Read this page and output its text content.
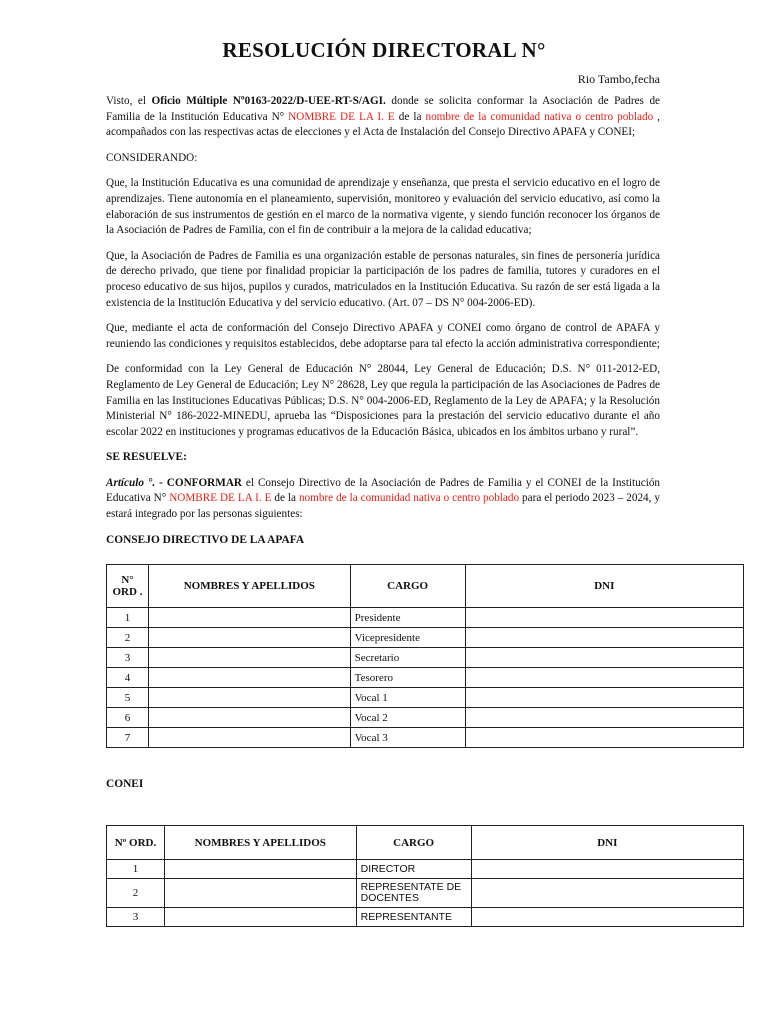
RESOLUCIÓN DIRECTORAL N°
Rio Tambo,fecha

Visto, el Oficio Múltiple Nº0163-2022/D-UEE-RT-S/AGI. donde se solicita conformar la Asociación de Padres de Familia de la Institución Educativa N° NOMBRE DE LA I. E de la nombre de la comunidad nativa o centro poblado , acompañados con las respectivas actas de elecciones y el Acta de Instalación del Consejo Directivo APAFA y CONEI;

CONSIDERANDO:

Que, la Institución Educativa es una comunidad de aprendizaje y enseñanza, que presta el servicio educativo en el logro de aprendizajes. Tiene autonomía en el planeamiento, supervisión, monitoreo y evaluación del servicio educativo, así como la elaboración de sus instrumentos de gestión en el marco de la normativa vigente, y siendo función reconocer los órganos de la Asociación de Padres de Familia, con el fin de contribuir a la mejora de la calidad educativa;

Que, la Asociación de Padres de Familia es una organización estable de personas naturales, sin fines de personería jurídica de derecho privado, que tiene por finalidad propiciar la participación de los padres de familia, tutores y curadores en el proceso educativo de sus hijos, pupilos y curados, matriculados en la Institución Educativa. Su razón de ser está ligada a la existencia de la Institución Educativa y del servicio educativo. (Art. 07 – DS N° 004-2006-ED).

Que, mediante el acta de conformación del Consejo Directivo APAFA y CONEI como órgano de control de APAFA y reuniendo las condiciones y requisitos establecidos, debe adoptarse para tal efecto la acción administrativa correspondiente;

De conformidad con la Ley General de Educación N° 28044, Ley General de Educación; D.S. N° 011-2012-ED, Reglamento de Ley General de Educación; Ley N° 28628, Ley que regula la participación de las Asociaciones de Padres de Familia en las Instituciones Educativas Públicas; D.S. N° 004-2006-ED, Reglamento de la Ley de APAFA; y la Resolución Ministerial N° 186-2022-MINEDU, aprueba las “Disposiciones para la prestación del servicio educativo durante el año escolar 2022 en instituciones y programas educativos de la Educación Básica, ubicados en los ámbitos urbano y rural”.

SE RESUELVE:

Artículo °. - CONFORMAR el Consejo Directivo de la Asociación de Padres de Familia y el CONEI de la Institución Educativa N° NOMBRE DE LA I. E de la nombre de la comunidad nativa o centro poblado para el periodo 2023 – 2024, y estará integrado por las personas siguientes:

CONSEJO DIRECTIVO DE LA APAFA
N° ORD .	NOMBRES Y APELLIDOS	CARGO	DNI
1		Presidente	
2		Vicepresidente	
3		Secretario	
4		Tesorero	
5		Vocal 1	
6		Vocal 2	
7		Vocal 3	
CONEI
Nº ORD.	NOMBRES Y APELLIDOS	CARGO	DNI
1		DIRECTOR	
2		REPRESENTATE DE DOCENTES	
3		REPRESENTANTE	
